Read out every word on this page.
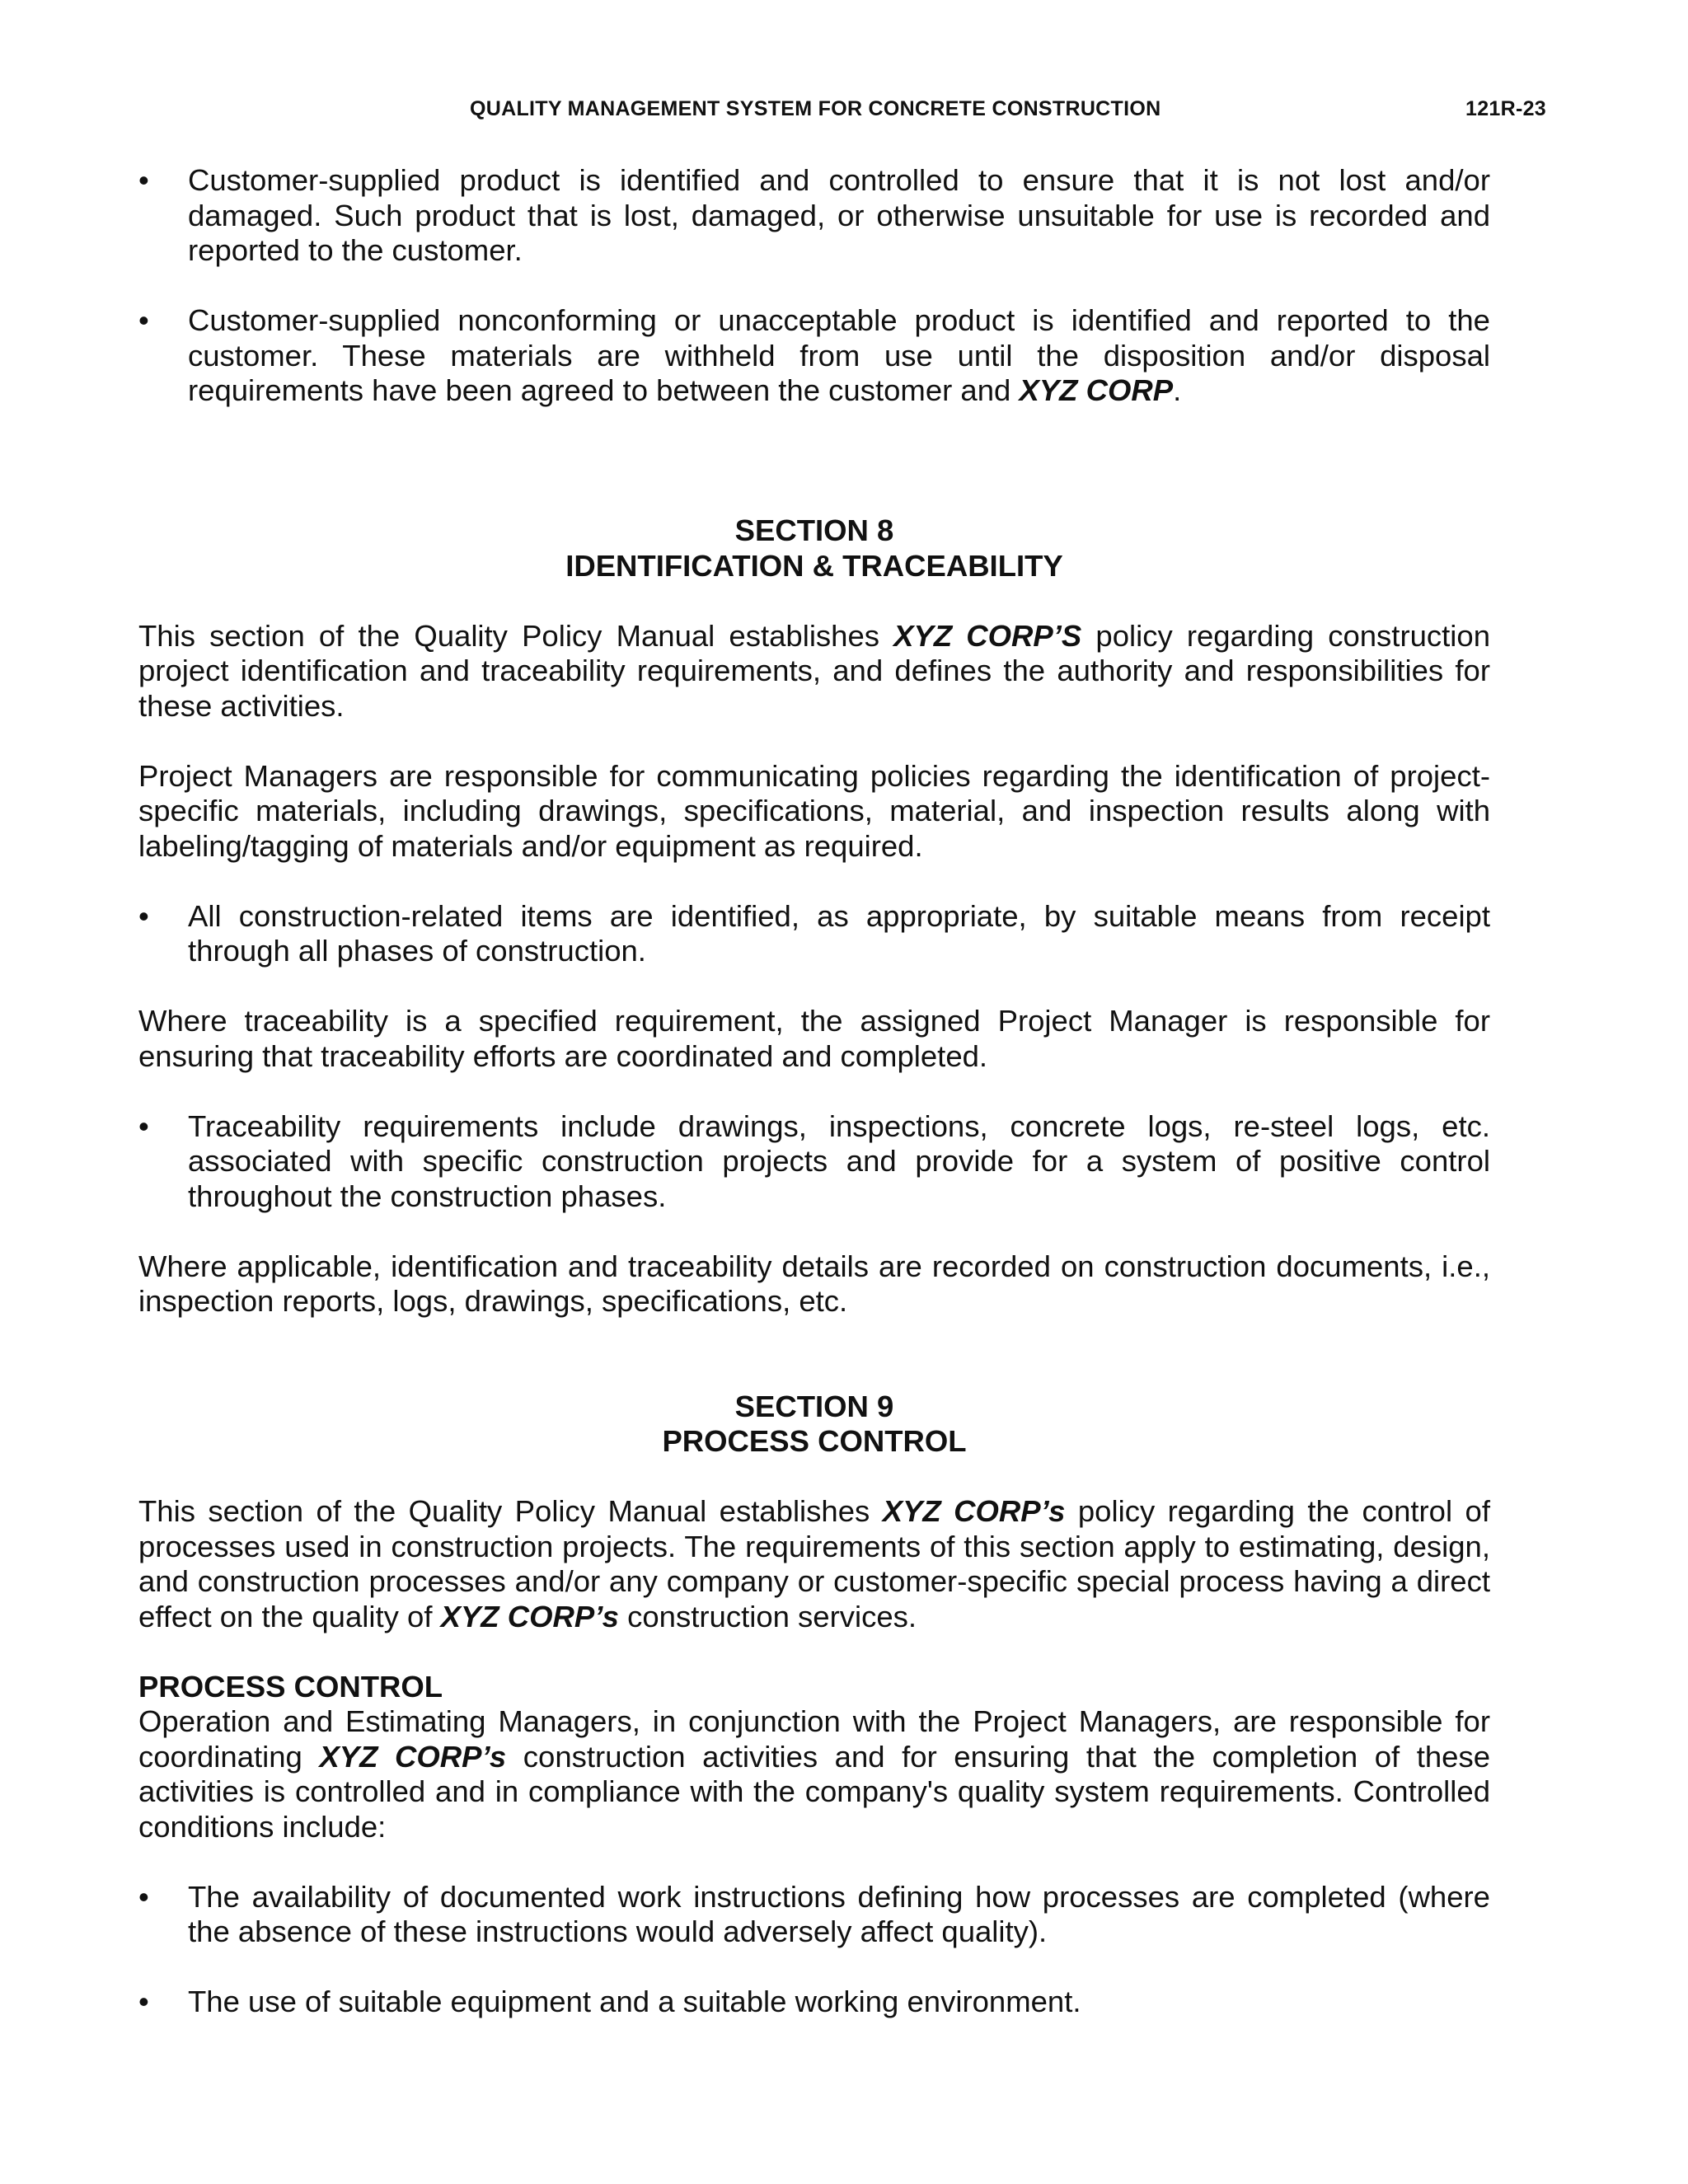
QUALITY MANAGEMENT SYSTEM FOR CONCRETE CONSTRUCTION	121R-23
•	Customer-supplied product is identified and controlled to ensure that it is not lost and/or damaged. Such product that is lost, damaged, or otherwise unsuitable for use is recorded and reported to the customer.
•	Customer-supplied nonconforming or unacceptable product is identified and reported to the customer. These materials are withheld from use until the disposition and/or disposal requirements have been agreed to between the customer and XYZ CORP.
SECTION 8
IDENTIFICATION & TRACEABILITY

This section of the Quality Policy Manual establishes XYZ CORP’S policy regarding construction project identification and traceability requirements, and defines the authority and responsibilities for these activities.

Project Managers are responsible for communicating policies regarding the identification of project-specific materials, including drawings, specifications, material, and inspection results along with labeling/tagging of materials and/or equipment as required.

•	All construction-related items are identified, as appropriate, by suitable means from receipt through all phases of construction.

Where traceability is a specified requirement, the assigned Project Manager is responsible for ensuring that traceability efforts are coordinated and completed.

•	Traceability requirements include drawings, inspections, concrete logs, re-steel logs, etc. associated with specific construction projects and provide for a system of positive control throughout the construction phases.

Where applicable, identification and traceability details are recorded on construction documents, i.e., inspection reports, logs, drawings, specifications, etc.

SECTION 9
PROCESS CONTROL

This section of the Quality Policy Manual establishes XYZ CORP’s policy regarding the control of processes used in construction projects. The requirements of this section apply to estimating, design, and construction processes and/or any company or customer-specific special process having a direct effect on the quality of XYZ CORP’s construction services.

PROCESS CONTROL

Operation and Estimating Managers, in conjunction with the Project Managers, are responsible for coordinating XYZ CORP’s construction activities and for ensuring that the completion of these activities is controlled and in compliance with the company's quality system requirements. Controlled conditions include:

•	The availability of documented work instructions defining how processes are completed (where the absence of these instructions would adversely affect quality).
•	The use of suitable equipment and a suitable working environment.
